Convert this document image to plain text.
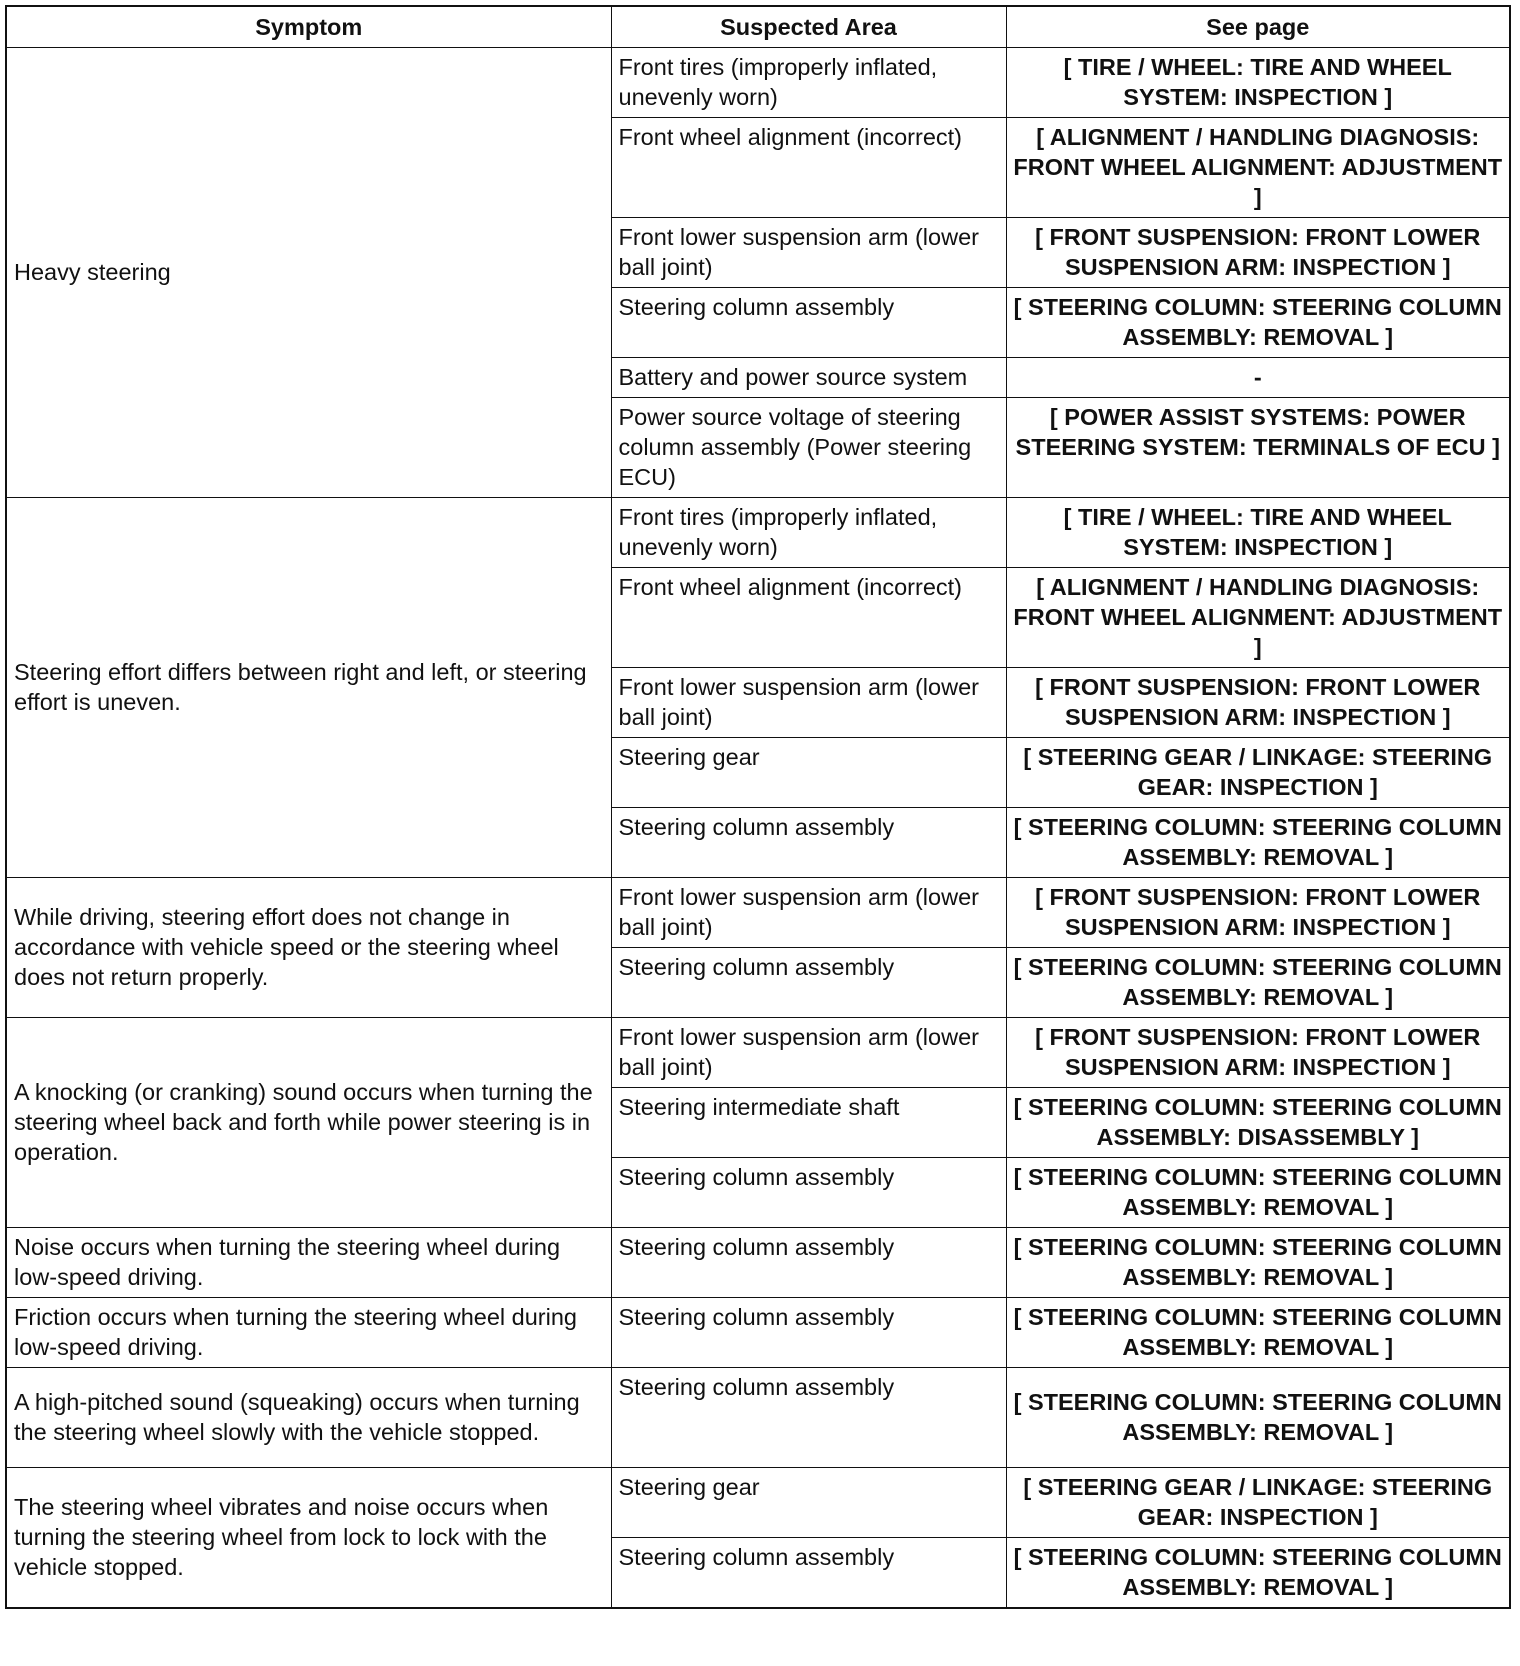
Symptom	Suspected Area	See page
Heavy steering	Front tires (improperly inflated, unevenly worn)	[ TIRE / WHEEL: TIRE AND WHEEL SYSTEM: INSPECTION ]
	Front wheel alignment (incorrect)	[ ALIGNMENT / HANDLING DIAGNOSIS: FRONT WHEEL ALIGNMENT: ADJUSTMENT ]
	Front lower suspension arm (lower ball joint)	[ FRONT SUSPENSION: FRONT LOWER SUSPENSION ARM: INSPECTION ]
	Steering column assembly	[ STEERING COLUMN: STEERING COLUMN ASSEMBLY: REMOVAL ]
	Battery and power source system	-
	Power source voltage of steering column assembly (Power steering ECU)	[ POWER ASSIST SYSTEMS: POWER STEERING SYSTEM: TERMINALS OF ECU ]
Steering effort differs between right and left, or steering effort is uneven.	Front tires (improperly inflated, unevenly worn)	[ TIRE / WHEEL: TIRE AND WHEEL SYSTEM: INSPECTION ]
	Front wheel alignment (incorrect)	[ ALIGNMENT / HANDLING DIAGNOSIS: FRONT WHEEL ALIGNMENT: ADJUSTMENT ]
	Front lower suspension arm (lower ball joint)	[ FRONT SUSPENSION: FRONT LOWER SUSPENSION ARM: INSPECTION ]
	Steering gear	[ STEERING GEAR / LINKAGE: STEERING GEAR: INSPECTION ]
	Steering column assembly	[ STEERING COLUMN: STEERING COLUMN ASSEMBLY: REMOVAL ]
While driving, steering effort does not change in accordance with vehicle speed or the steering wheel does not return properly.	Front lower suspension arm (lower ball joint)	[ FRONT SUSPENSION: FRONT LOWER SUSPENSION ARM: INSPECTION ]
	Steering column assembly	[ STEERING COLUMN: STEERING COLUMN ASSEMBLY: REMOVAL ]
A knocking (or cranking) sound occurs when turning the steering wheel back and forth while power steering is in operation.	Front lower suspension arm (lower ball joint)	[ FRONT SUSPENSION: FRONT LOWER SUSPENSION ARM: INSPECTION ]
	Steering intermediate shaft	[ STEERING COLUMN: STEERING COLUMN ASSEMBLY: DISASSEMBLY ]
	Steering column assembly	[ STEERING COLUMN: STEERING COLUMN ASSEMBLY: REMOVAL ]
Noise occurs when turning the steering wheel during low-speed driving.	Steering column assembly	[ STEERING COLUMN: STEERING COLUMN ASSEMBLY: REMOVAL ]
Friction occurs when turning the steering wheel during low-speed driving.	Steering column assembly	[ STEERING COLUMN: STEERING COLUMN ASSEMBLY: REMOVAL ]
A high-pitched sound (squeaking) occurs when turning the steering wheel slowly with the vehicle stopped.	Steering column assembly	[ STEERING COLUMN: STEERING COLUMN ASSEMBLY: REMOVAL ]
The steering wheel vibrates and noise occurs when turning the steering wheel from lock to lock with the vehicle stopped.	Steering gear	[ STEERING GEAR / LINKAGE: STEERING GEAR: INSPECTION ]
	Steering column assembly	[ STEERING COLUMN: STEERING COLUMN ASSEMBLY: REMOVAL ]
